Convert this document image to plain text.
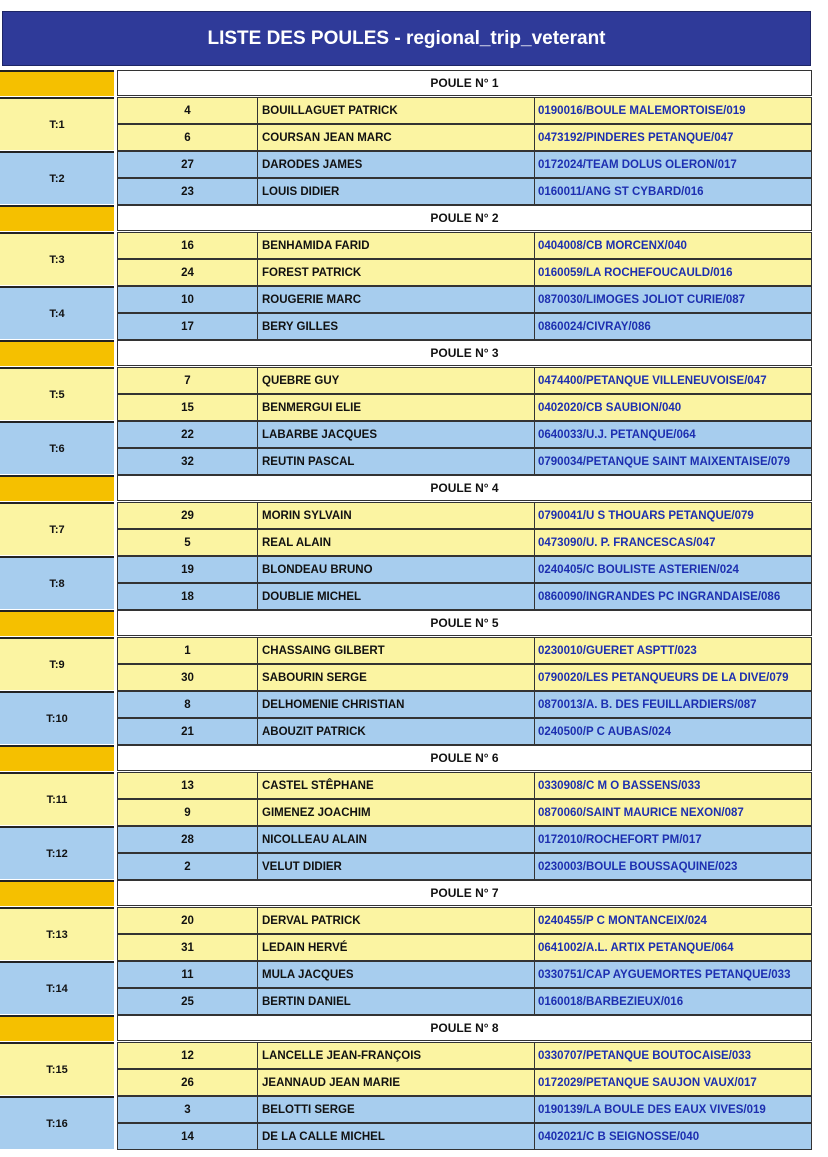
LISTE DES POULES - regional_trip_veterant
POULE N° 1
T:1
4	BOUILLAGUET PATRICK	0190016/BOULE MALEMORTOISE/019
6	COURSAN JEAN MARC	0473192/PINDERES PETANQUE/047
T:2
27	DARODES JAMES	0172024/TEAM DOLUS OLERON/017
23	LOUIS DIDIER	0160011/ANG ST CYBARD/016
POULE N° 2
T:3
16	BENHAMIDA FARID	0404008/CB MORCENX/040
24	FOREST PATRICK	0160059/LA ROCHEFOUCAULD/016
T:4
10	ROUGERIE MARC	0870030/LIMOGES JOLIOT CURIE/087
17	BERY GILLES	0860024/CIVRAY/086
POULE N° 3
T:5
7	QUEBRE GUY	0474400/PETANQUE VILLENEUVOISE/047
15	BENMERGUI ELIE	0402020/CB SAUBION/040
T:6
22	LABARBE JACQUES	0640033/U.J. PETANQUE/064
32	REUTIN PASCAL	0790034/PETANQUE SAINT MAIXENTAISE/079
POULE N° 4
T:7
29	MORIN SYLVAIN	0790041/U S THOUARS PETANQUE/079
5	REAL ALAIN	0473090/U. P. FRANCESCAS/047
T:8
19	BLONDEAU BRUNO	0240405/C BOULISTE ASTERIEN/024
18	DOUBLIE MICHEL	0860090/INGRANDES PC INGRANDAISE/086
POULE N° 5
T:9
1	CHASSAING GILBERT	0230010/GUERET ASPTT/023
30	SABOURIN SERGE	0790020/LES PETANQUEURS DE LA DIVE/079
T:10
8	DELHOMENIE CHRISTIAN	0870013/A. B. DES FEUILLARDIERS/087
21	ABOUZIT PATRICK	0240500/P C AUBAS/024
POULE N° 6
T:11
13	CASTEL STÊPHANE	0330908/C M O BASSENS/033
9	GIMENEZ JOACHIM	0870060/SAINT MAURICE NEXON/087
T:12
28	NICOLLEAU ALAIN	0172010/ROCHEFORT PM/017
2	VELUT DIDIER	0230003/BOULE BOUSSAQUINE/023
POULE N° 7
T:13
20	DERVAL PATRICK	0240455/P C MONTANCEIX/024
31	LEDAIN HERVÉ	0641002/A.L. ARTIX PETANQUE/064
T:14
11	MULA JACQUES	0330751/CAP AYGUEMORTES PETANQUE/033
25	BERTIN DANIEL	0160018/BARBEZIEUX/016
POULE N° 8
T:15
12	LANCELLE JEAN-FRANÇOIS	0330707/PETANQUE BOUTOCAISE/033
26	JEANNAUD JEAN MARIE	0172029/PETANQUE SAUJON VAUX/017
T:16
3	BELOTTI SERGE	0190139/LA BOULE DES EAUX VIVES/019
14	DE LA CALLE MICHEL	0402021/C B SEIGNOSSE/040
